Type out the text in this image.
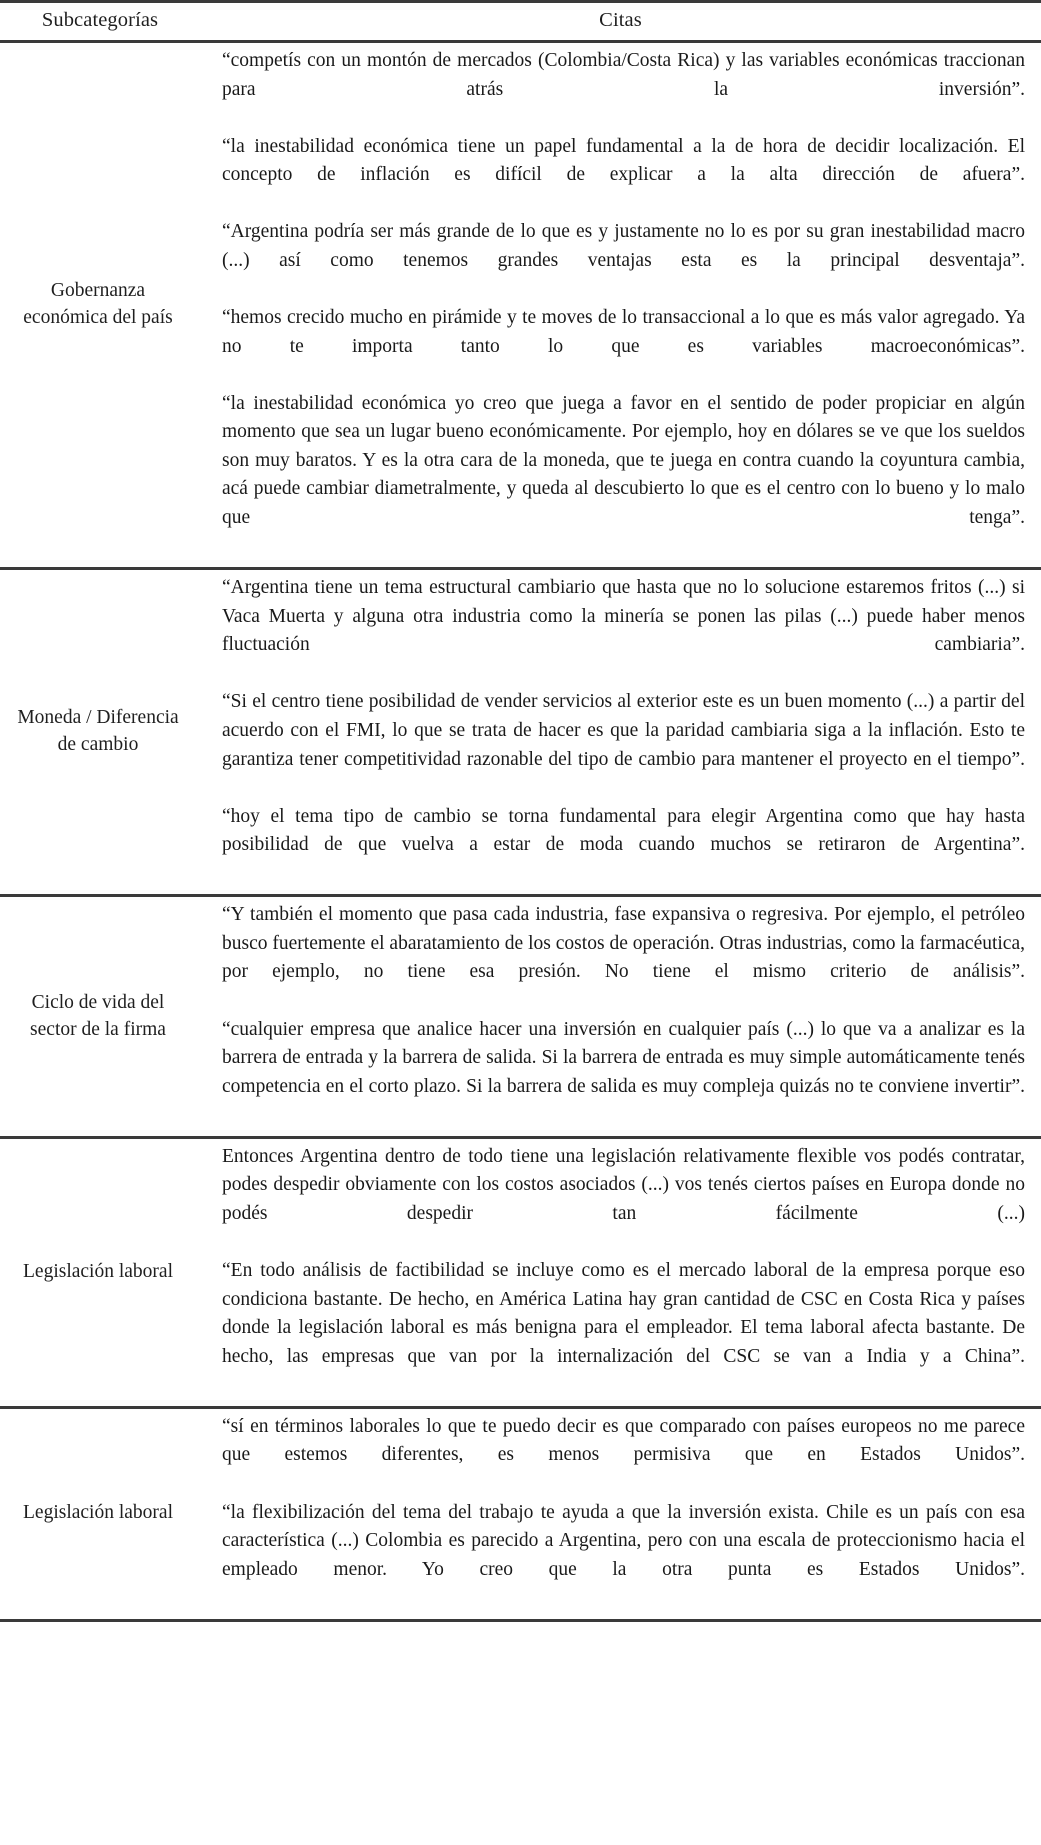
Subcategorías	Citas

Gobernanza económica del país	“competís con un montón de mercados (Colombia/Costa Rica) y las variables económicas traccionan para atrás la inversión”.

“la inestabilidad económica tiene un papel fundamental a la de hora de decidir localización. El concepto de inflación es difícil de explicar a la alta dirección de afuera”.

“Argentina podría ser más grande de lo que es y justamente no lo es por su gran inestabilidad macro (...) así como tenemos grandes ventajas esta es la principal desventaja”.

“hemos crecido mucho en pirámide y te moves de lo transaccional a lo que es más valor agregado. Ya no te importa tanto lo que es variables macroeconómicas”.

“la inestabilidad económica yo creo que juega a favor en el sentido de poder propiciar en algún momento que sea un lugar bueno económicamente. Por ejemplo, hoy en dólares se ve que los sueldos son muy baratos. Y es la otra cara de la moneda, que te juega en contra cuando la coyuntura cambia, acá puede cambiar diametralmente, y queda al descubierto lo que es el centro con lo bueno y lo malo que tenga”.

Moneda / Diferencia de cambio	“Argentina tiene un tema estructural cambiario que hasta que no lo solucione estaremos fritos (...) si Vaca Muerta y alguna otra industria como la minería se ponen las pilas (...) puede haber menos fluctuación cambiaria”.

“Si el centro tiene posibilidad de vender servicios al exterior este es un buen momento (...) a partir del acuerdo con el FMI, lo que se trata de hacer es que la paridad cambiaria siga a la inflación. Esto te garantiza tener competitividad razonable del tipo de cambio para mantener el proyecto en el tiempo”.

“hoy el tema tipo de cambio se torna fundamental para elegir Argentina como que hay hasta posibilidad de que vuelva a estar de moda cuando muchos se retiraron de Argentina”.

Ciclo de vida del sector de la firma	“Y también el momento que pasa cada industria, fase expansiva o regresiva. Por ejemplo, el petróleo busco fuertemente el abaratamiento de los costos de operación. Otras industrias, como la farmacéutica, por ejemplo, no tiene esa presión. No tiene el mismo criterio de análisis”.

“cualquier empresa que analice hacer una inversión en cualquier país (...) lo que va a analizar es la barrera de entrada y la barrera de salida. Si la barrera de entrada es muy simple automáticamente tenés competencia en el corto plazo. Si la barrera de salida es muy compleja quizás no te conviene invertir”.

Legislación laboral	Entonces Argentina dentro de todo tiene una legislación relativamente flexible vos podés contratar, podes despedir obviamente con los costos asociados (...) vos tenés ciertos países en Europa donde no podés despedir tan fácilmente (...)

“En todo análisis de factibilidad se incluye como es el mercado laboral de la empresa porque eso condiciona bastante. De hecho, en América Latina hay gran cantidad de CSC en Costa Rica y países donde la legislación laboral es más benigna para el empleador. El tema laboral afecta bastante. De hecho, las empresas que van por la internalización del CSC se van a India y a China”.

Legislación laboral	“sí en términos laborales lo que te puedo decir es que comparado con países europeos no me parece que estemos diferentes, es menos permisiva que en Estados Unidos”.

“la flexibilización del tema del trabajo te ayuda a que la inversión exista. Chile es un país con esa característica (...) Colombia es parecido a Argentina, pero con una escala de proteccionismo hacia el empleado menor. Yo creo que la otra punta es Estados Unidos”.
